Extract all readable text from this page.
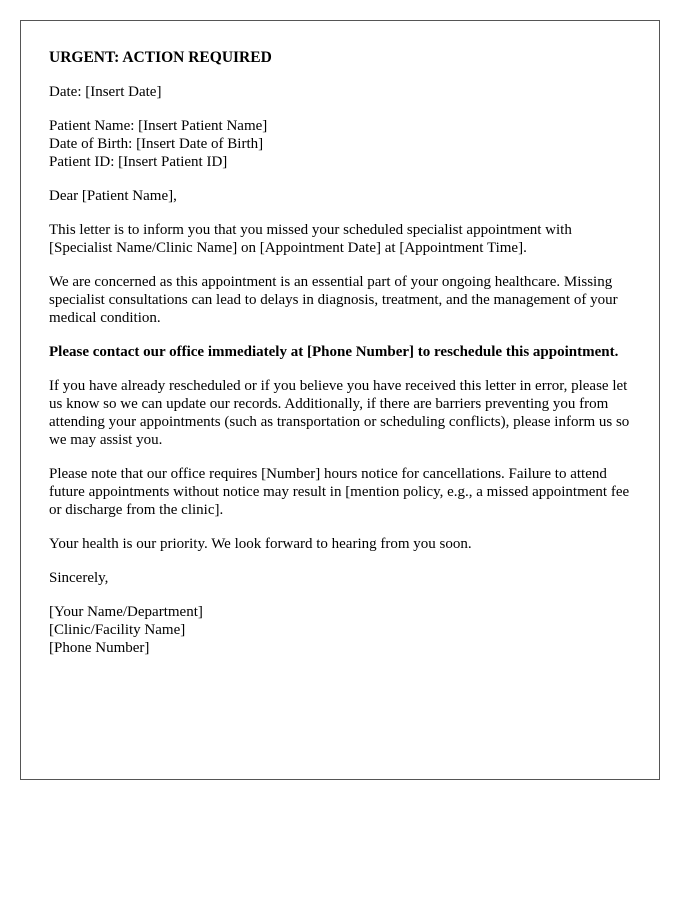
URGENT: ACTION REQUIRED

Date: [Insert Date]

Patient Name: [Insert Patient Name]
Date of Birth: [Insert Date of Birth]
Patient ID: [Insert Patient ID]

Dear [Patient Name],

This letter is to inform you that you missed your scheduled specialist appointment with [Specialist Name/Clinic Name] on [Appointment Date] at [Appointment Time].

We are concerned as this appointment is an essential part of your ongoing healthcare. Missing specialist consultations can lead to delays in diagnosis, treatment, and the management of your medical condition.

Please contact our office immediately at [Phone Number] to reschedule this appointment.

If you have already rescheduled or if you believe you have received this letter in error, please let us know so we can update our records. Additionally, if there are barriers preventing you from attending your appointments (such as transportation or scheduling conflicts), please inform us so we may assist you.

Please note that our office requires [Number] hours notice for cancellations. Failure to attend future appointments without notice may result in [mention policy, e.g., a missed appointment fee or discharge from the clinic].

Your health is our priority. We look forward to hearing from you soon.

Sincerely,

[Your Name/Department]
[Clinic/Facility Name]
[Phone Number]
